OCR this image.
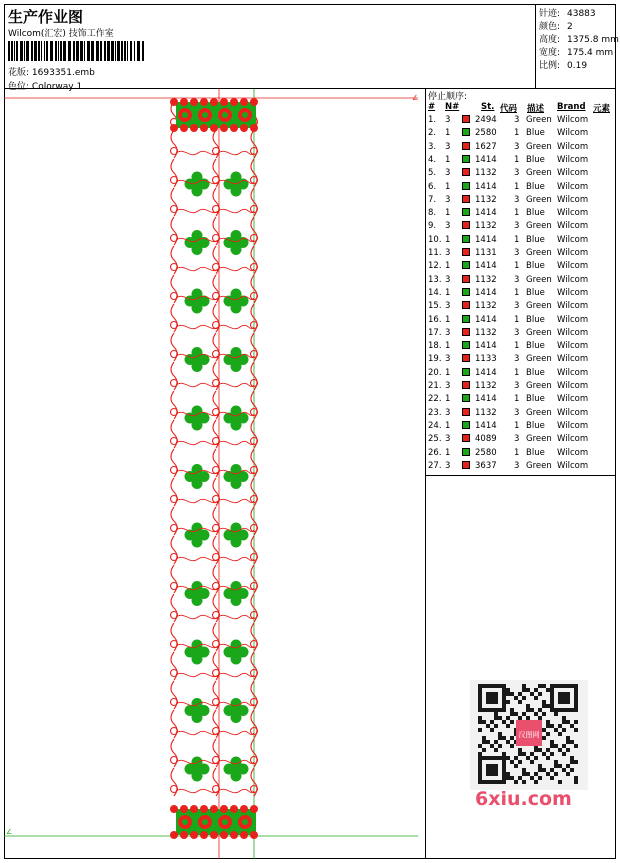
生产作业图
Wilcom(汇宏) 技饰工作室
花版: 1693351.emb
色位: Colorway 1
针迹: 43883
颜色: 2
高度: 1375.8 mm
宽度: 175.4 mm
比例: 0.19
∠
∠
停止顺序:
# N#	St. 代码 描述 Brand 元素
1. 3	2494 3 Green Wilcom
2. 1	2580 1 Blue Wilcom
3. 3	1627 3 Green Wilcom
4. 1	1414 1 Blue Wilcom
5. 3	1132 3 Green Wilcom
6. 1	1414 1 Blue Wilcom
7. 3	1132 3 Green Wilcom
8. 1	1414 1 Blue Wilcom
9. 3	1132 3 Green Wilcom
10. 1	1414 1 Blue Wilcom
11. 3	1131 3 Green Wilcom
12. 1	1414 1 Blue Wilcom
13. 3	1132 3 Green Wilcom
14. 1	1414 1 Blue Wilcom
15. 3	1132 3 Green Wilcom
16. 1	1414 1 Blue Wilcom
17. 3	1132 3 Green Wilcom
18. 1	1414 1 Blue Wilcom
19. 3	1133 3 Green Wilcom
20. 1	1414 1 Blue Wilcom
21. 3	1132 3 Green Wilcom
22. 1	1414 1 Blue Wilcom
23. 3	1132 3 Green Wilcom
24. 1	1414 1 Blue Wilcom
25. 3	4089 3 Green Wilcom
26. 1	2580 1 Blue Wilcom
27. 3	3637 3 Green Wilcom
汉图网
6xiu.com
